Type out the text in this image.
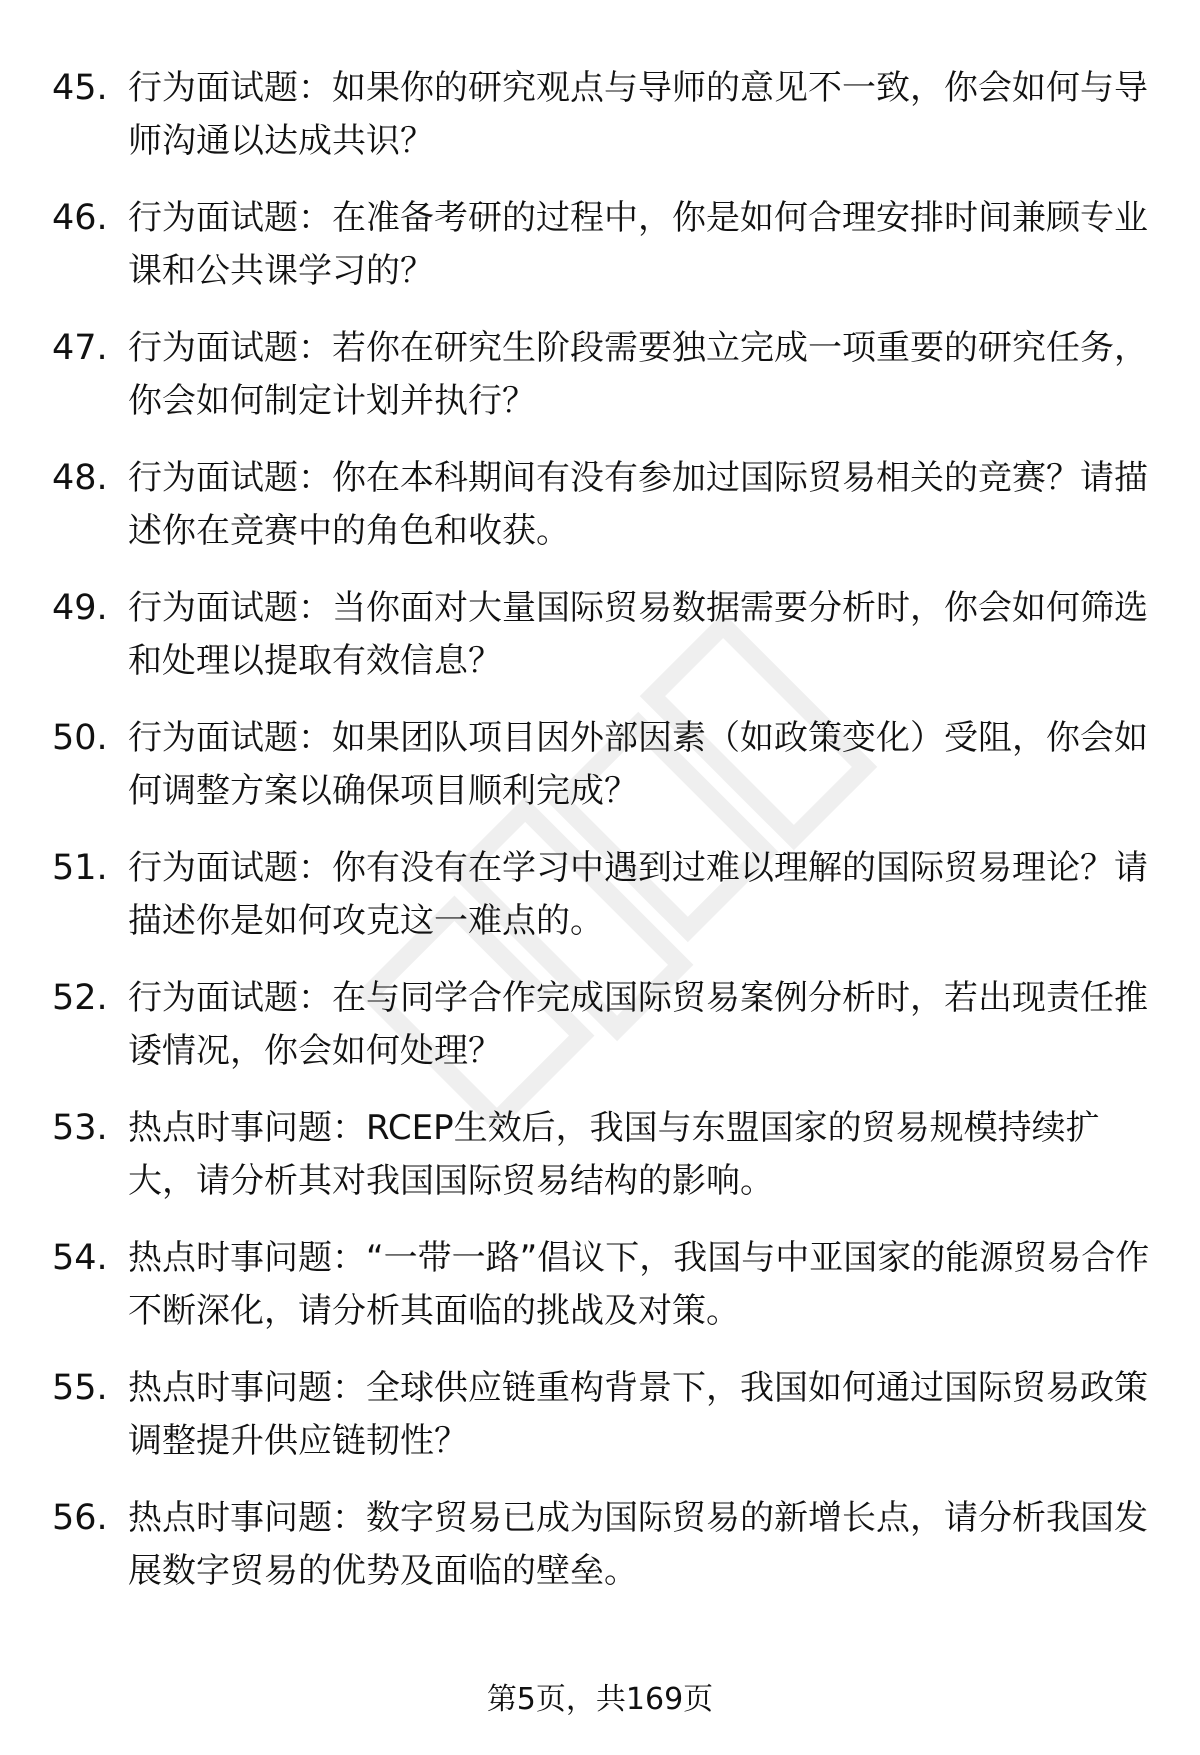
45. 行为面试题：如果你的研究观点与导师的意见不一致，你会如何与导师沟通以达成共识？
46. 行为面试题：在准备考研的过程中，你是如何合理安排时间兼顾专业课和公共课学习的？
47. 行为面试题：若你在研究生阶段需要独立完成一项重要的研究任务，你会如何制定计划并执行？
48. 行为面试题：你在本科期间有没有参加过国际贸易相关的竞赛？请描述你在竞赛中的角色和收获。
49. 行为面试题：当你面对大量国际贸易数据需要分析时，你会如何筛选和处理以提取有效信息？
50. 行为面试题：如果团队项目因外部因素（如政策变化）受阻，你会如何调整方案以确保项目顺利完成？
51. 行为面试题：你有没有在学习中遇到过难以理解的国际贸易理论？请描述你是如何攻克这一难点的。
52. 行为面试题：在与同学合作完成国际贸易案例分析时，若出现责任推诿情况，你会如何处理？
53. 热点时事问题：RCEP生效后，我国与东盟国家的贸易规模持续扩大，请分析其对我国国际贸易结构的影响。
54. 热点时事问题：“一带一路”倡议下，我国与中亚国家的能源贸易合作不断深化，请分析其面临的挑战及对策。
55. 热点时事问题：全球供应链重构背景下，我国如何通过国际贸易政策调整提升供应链韧性？
56. 热点时事问题：数字贸易已成为国际贸易的新增长点，请分析我国发展数字贸易的优势及面临的壁垒。
第5页，共169页
